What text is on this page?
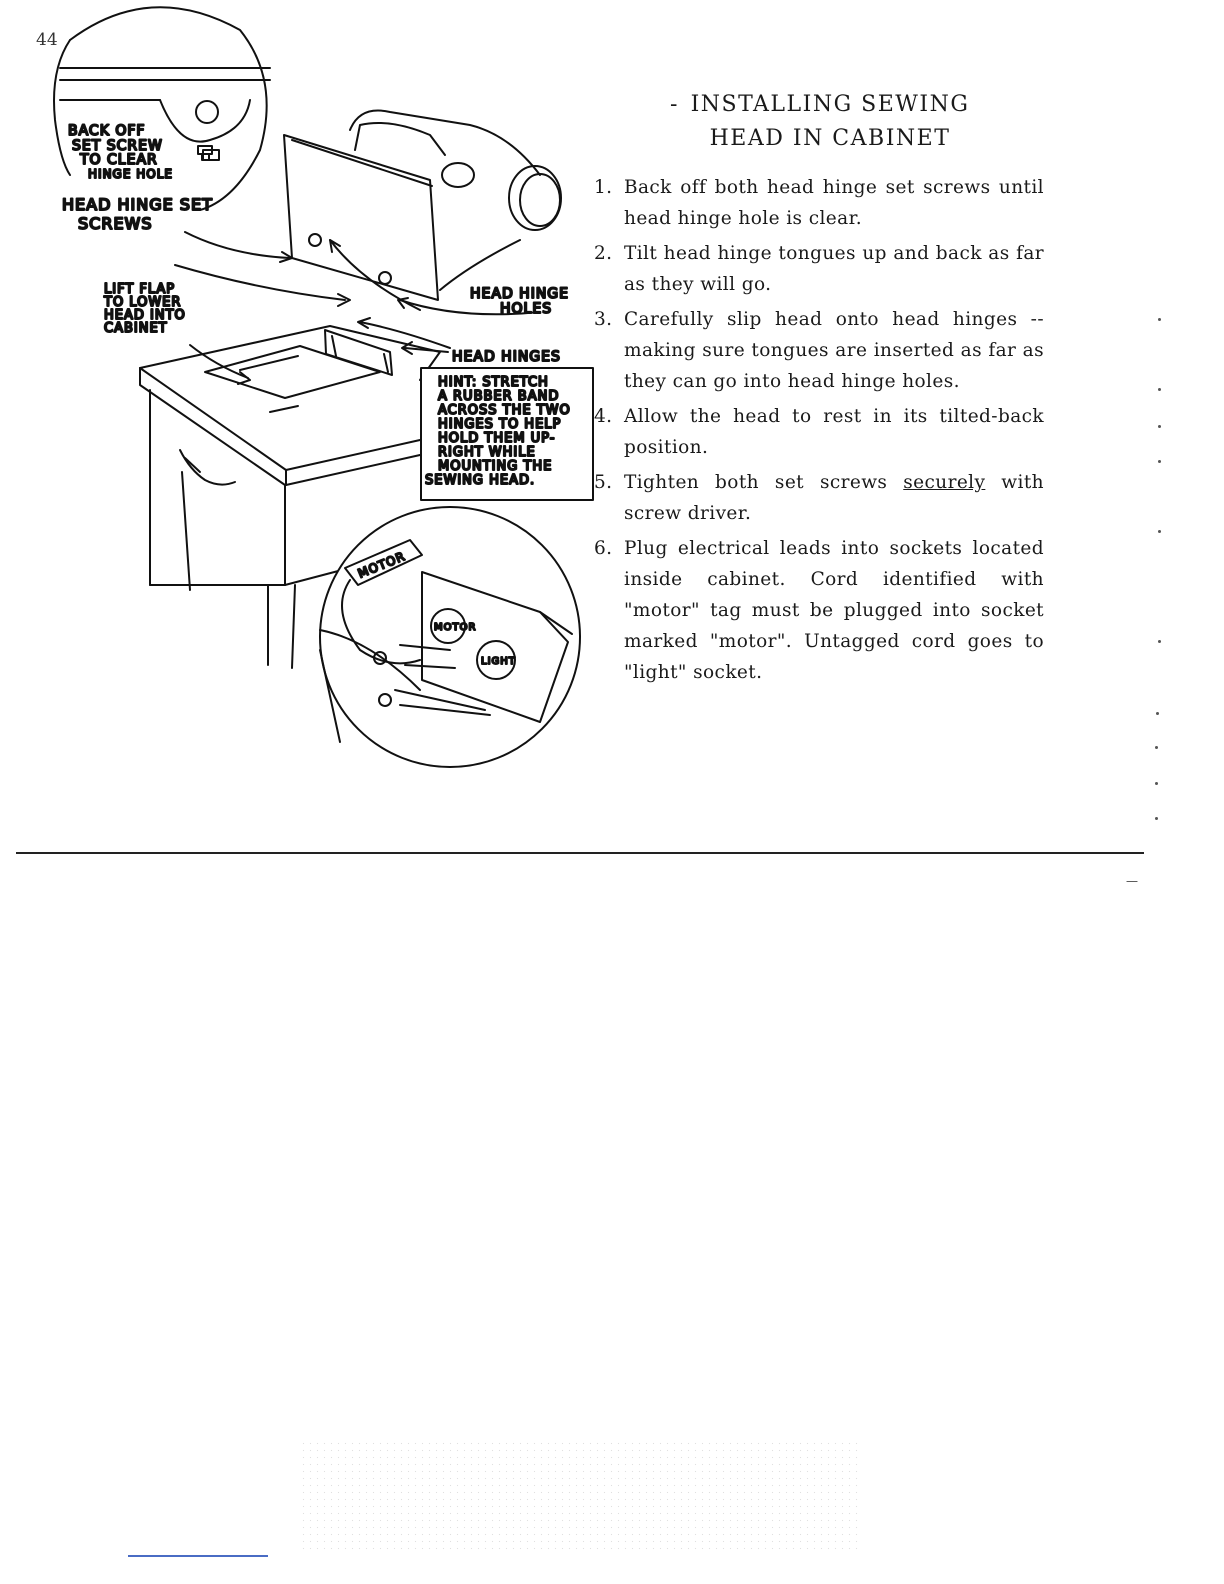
44
BACK OFF
SET SCREW
TO CLEAR
HINGE HOLE
HEAD HINGE SET
SCREWS
HEAD HINGE
HOLES
LIFT FLAP
TO LOWER
HEAD INTO
CABINET
HEAD HINGES
HINT: STRETCH
A RUBBER BAND
ACROSS THE TWO
HINGES TO HELP
HOLD THEM UP-
RIGHT WHILE
MOUNTING THE
SEWING HEAD.
MOTOR
LIGHT
MOTOR
- INSTALLING SEWING
HEAD IN CABINET
1. Back off both head hinge set screws until head hinge hole is clear.
2. Tilt head hinge tongues up and back as far as they will go.
3. Carefully slip head onto head hinges --making sure tongues are inserted as far as they can go into head hinge holes.
4. Allow the head to rest in its tilted-back position.
5. Tighten both set screws securely with screw driver.
6. Plug electrical leads into sockets located inside cabinet. Cord identified with "motor" tag must be plugged into socket marked "motor". Untagged cord goes to "light" socket.
—
